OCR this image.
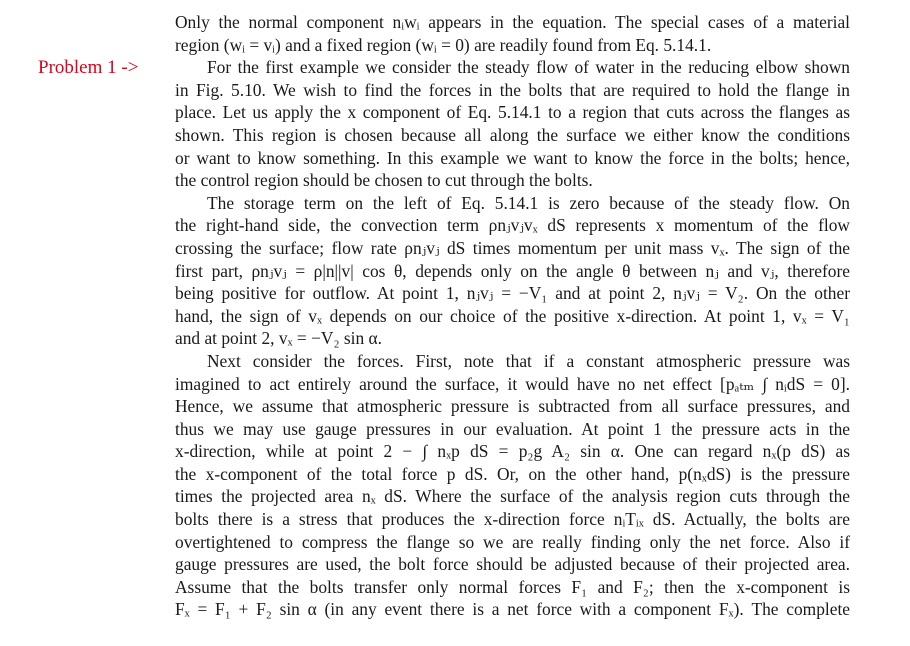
Problem 1 ->
Only the normal component nᵢwᵢ appears in the equation. The special cases of a material
region (wᵢ = vᵢ) and a fixed region (wᵢ = 0) are readily found from Eq. 5.14.1.
For the first example we consider the steady flow of water in the reducing elbow shown
in Fig. 5.10. We wish to find the forces in the bolts that are required to hold the flange in
place. Let us apply the x component of Eq. 5.14.1 to a region that cuts across the flanges as
shown. This region is chosen because all along the surface we either know the conditions
or want to know something. In this example we want to know the force in the bolts; hence,
the control region should be chosen to cut through the bolts.
The storage term on the left of Eq. 5.14.1 is zero because of the steady flow. On
the right-hand side, the convection term ρnⱼvⱼvₓ dS represents x momentum of the flow
crossing the surface; flow rate ρnⱼvⱼ dS times momentum per unit mass vₓ. The sign of the
first part, ρnⱼvⱼ = ρ|n||v| cos θ, depends only on the angle θ between nⱼ and vⱼ, therefore
being positive for outflow. At point 1, nⱼvⱼ = −V₁ and at point 2, nⱼvⱼ = V₂. On the other
hand, the sign of vₓ depends on our choice of the positive x-direction. At point 1, vₓ = V₁
and at point 2, vₓ = −V₂ sin α.
Next consider the forces. First, note that if a constant atmospheric pressure was
imagined to act entirely around the surface, it would have no net effect [pₐₜₘ ∫ nᵢdS = 0].
Hence, we assume that atmospheric pressure is subtracted from all surface pressures, and
thus we may use gauge pressures in our evaluation. At point 1 the pressure acts in the
x-direction, while at point 2 − ∫ nₓp dS = p₂g A₂ sin α. One can regard nₓ(p dS) as
the x-component of the total force p dS. Or, on the other hand, p(nₓdS) is the pressure
times the projected area nₓ dS. Where the surface of the analysis region cuts through the
bolts there is a stress that produces the x-direction force nᵢTᵢₓ dS. Actually, the bolts are
overtightened to compress the flange so we are really finding only the net force. Also if
gauge pressures are used, the bolt force should be adjusted because of their projected area.
Assume that the bolts transfer only normal forces F₁ and F₂; then the x-component is
Fₓ = F₁ + F₂ sin α (in any event there is a net force with a component Fₓ). The complete
